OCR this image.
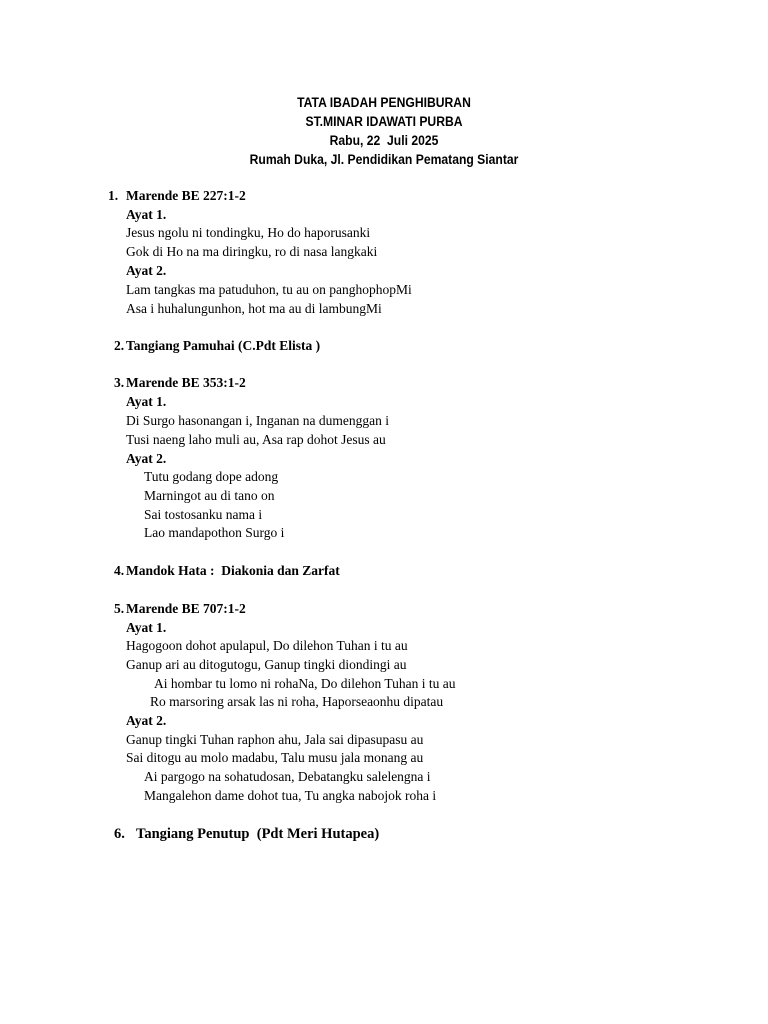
TATA IBADAH PENGHIBURAN
ST.MINAR IDAWATI PURBA
Rabu, 22  Juli 2025
Rumah Duka, Jl. Pendidikan Pematang Siantar
1. Marende BE 227:1-2
Ayat 1.
Jesus ngolu ni tondingku, Ho do haporusanki
Gok di Ho na ma diringku, ro di nasa langkaki
Ayat 2.
Lam tangkas ma patuduhon, tu au on panghophopMi
Asa i huhalungunhon, hot ma au di lambungMi
2. Tangiang Pamuhai (C.Pdt Elista )
3. Marende BE 353:1-2
Ayat 1.
Di Surgo hasonangan i, Inganan na dumenggan i
Tusi naeng laho muli au, Asa rap dohot Jesus au
Ayat 2.
Tutu godang dope adong
Marningot au di tano on
Sai tostosanku nama i
Lao mandapothon Surgo i
4. Mandok Hata :  Diakonia dan Zarfat
5. Marende BE 707:1-2
Ayat 1.
Hagogoon dohot apulapul, Do dilehon Tuhan i tu au
Ganup ari au ditogutogu, Ganup tingki diondingi au
Ai hombar tu lomo ni rohaNa, Do dilehon Tuhan i tu au
Ro marsoring arsak las ni roha, Haporseaonhu dipatau
Ayat 2.
Ganup tingki Tuhan raphon ahu, Jala sai dipasupasu au
Sai ditogu au molo madabu, Talu musu jala monang au
Ai pargogo na sohatudosan, Debatangku salelengna i
Mangalehon dame dohot tua, Tu angka nabojok roha i
6. Tangiang Penutup  (Pdt Meri Hutapea)
